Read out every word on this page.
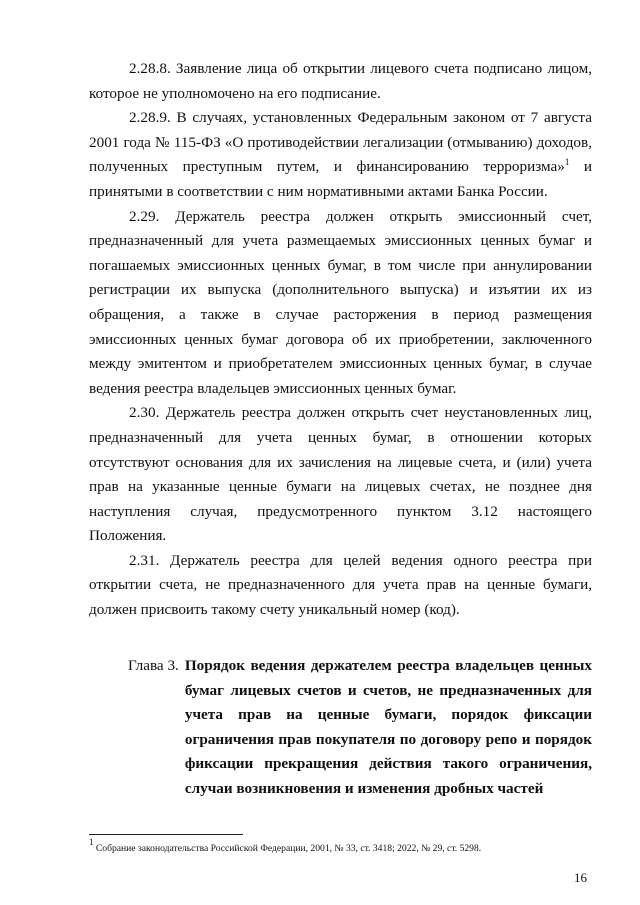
2.28.8. Заявление лица об открытии лицевого счета подписано лицом, которое не уполномочено на его подписание.

2.28.9. В случаях, установленных Федеральным законом от 7 августа 2001 года № 115-ФЗ «О противодействии легализации (отмыванию) доходов, полученных преступным путем, и финансированию терроризма»$^1$ и принятыми в соответствии с ним нормативными актами Банка России.

2.29. Держатель реестра должен открыть эмиссионный счет, предназначенный для учета размещаемых эмиссионных ценных бумаг и погашаемых эмиссионных ценных бумаг, в том числе при аннулировании регистрации их выпуска (дополнительного выпуска) и изъятии их из обращения, а также в случае расторжения в период размещения эмиссионных ценных бумаг договора об их приобретении, заключенного между эмитентом и приобретателем эмиссионных ценных бумаг, в случае ведения реестра владельцев эмиссионных ценных бумаг.

2.30. Держатель реестра должен открыть счет неустановленных лиц, предназначенный для учета ценных бумаг, в отношении которых отсутствуют основания для их зачисления на лицевые счета, и (или) учета прав на указанные ценные бумаги на лицевых счетах, не позднее дня наступления случая, предусмотренного пунктом 3.12 настоящего Положения.

2.31. Держатель реестра для целей ведения одного реестра при открытии счета, не предназначенного для учета прав на ценные бумаги, должен присвоить такому счету уникальный номер (код).

Глава 3. Порядок ведения держателем реестра владельцев ценных бумаг лицевых счетов и счетов, не предназначенных для учета прав на ценные бумаги, порядок фиксации ограничения прав покупателя по договору репо и порядок фиксации прекращения действия такого ограничения, случаи возникновения и изменения дробных частей
$^1$ Собрание законодательства Российской Федерации, 2001, № 33, ст. 3418; 2022, № 29, ст. 5298.
16
